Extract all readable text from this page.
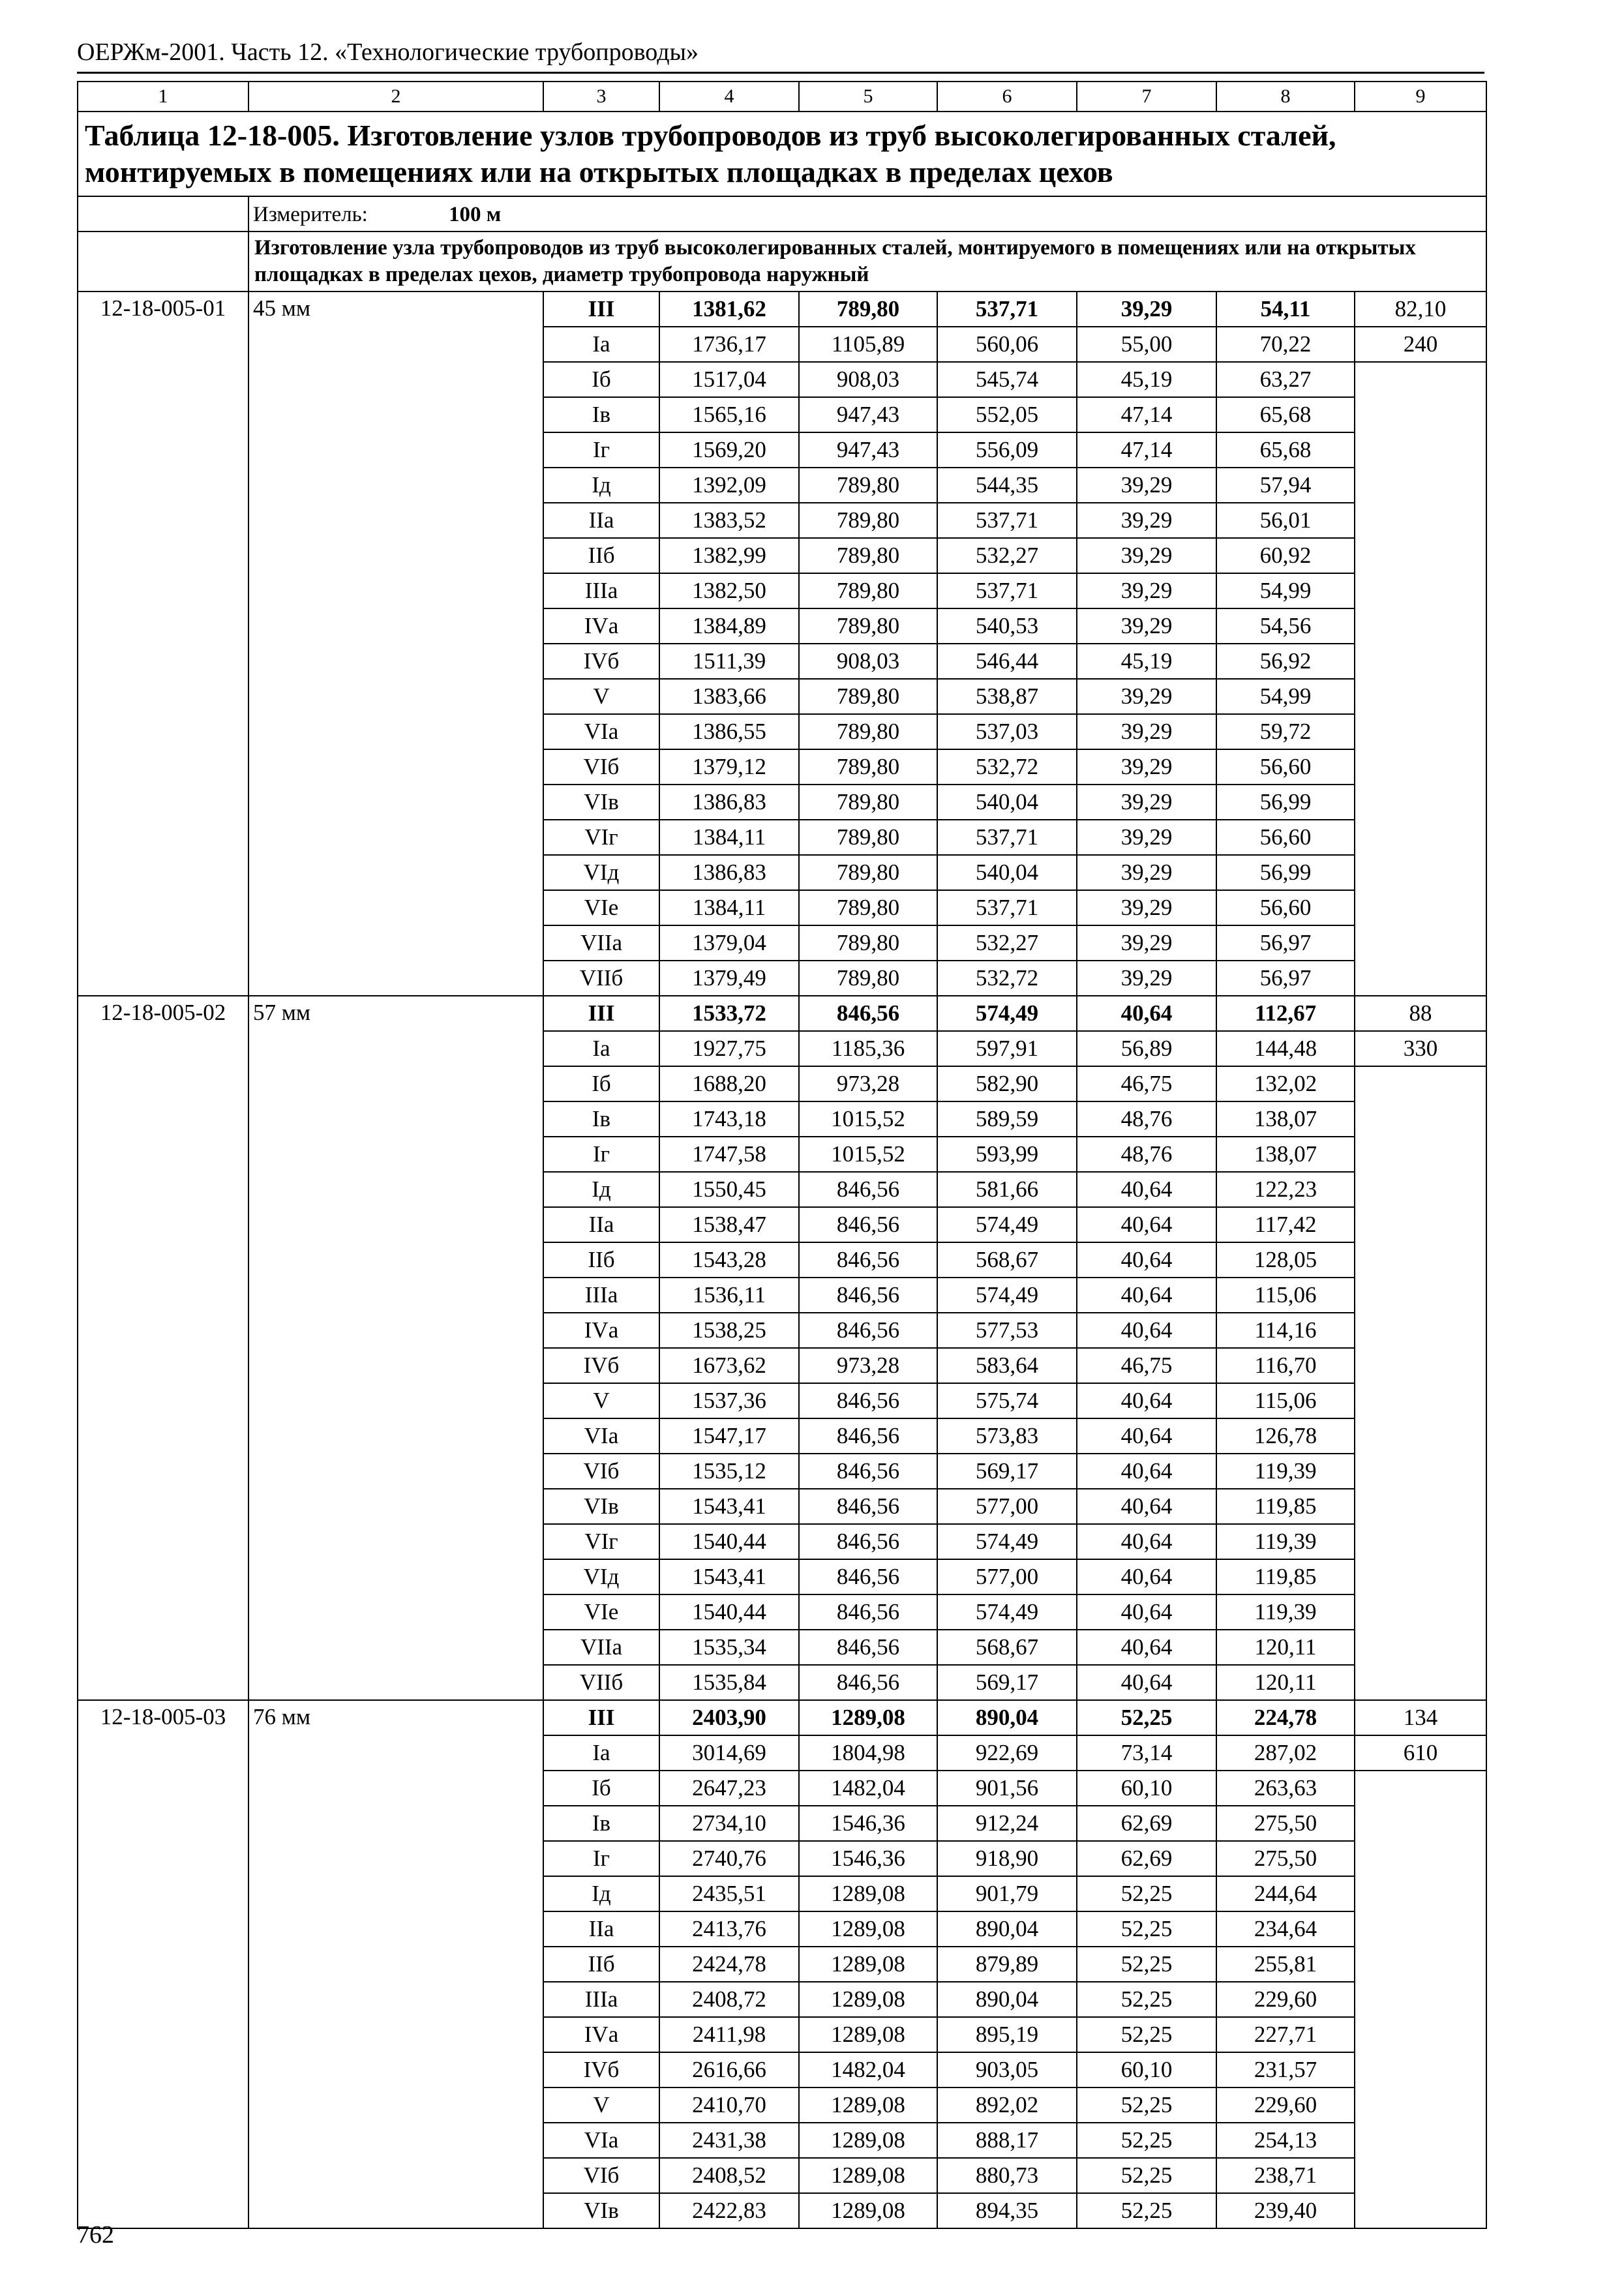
ОЕРЖм-2001. Часть 12. «Технологические трубопроводы»
1	2	3	4	5	6	7	8	9
Таблица 12-18-005. Изготовление узлов трубопроводов из труб высоколегированных сталей, монтируемых в помещениях или на открытых площадках в пределах цехов								
	Измеритель: 100 м							
	Изготовление узла трубопроводов из труб высоколегированных сталей, монтируемого в помещениях или на открытых площадках в пределах цехов, диаметр трубопровода наружный							
12-18-005-01	45 мм	III	1381,62	789,80	537,71	39,29	54,11	82,10
		Iа	1736,17	1105,89	560,06	55,00	70,22	240
		Iб	1517,04	908,03	545,74	45,19	63,27	
		Iв	1565,16	947,43	552,05	47,14	65,68	
		Iг	1569,20	947,43	556,09	47,14	65,68	
		Iд	1392,09	789,80	544,35	39,29	57,94	
		IIа	1383,52	789,80	537,71	39,29	56,01	
		IIб	1382,99	789,80	532,27	39,29	60,92	
		IIIа	1382,50	789,80	537,71	39,29	54,99	
		IVа	1384,89	789,80	540,53	39,29	54,56	
		IVб	1511,39	908,03	546,44	45,19	56,92	
		V	1383,66	789,80	538,87	39,29	54,99	
		VIа	1386,55	789,80	537,03	39,29	59,72	
		VIб	1379,12	789,80	532,72	39,29	56,60	
		VIв	1386,83	789,80	540,04	39,29	56,99	
		VIг	1384,11	789,80	537,71	39,29	56,60	
		VIд	1386,83	789,80	540,04	39,29	56,99	
		VIе	1384,11	789,80	537,71	39,29	56,60	
		VIIа	1379,04	789,80	532,27	39,29	56,97	
		VIIб	1379,49	789,80	532,72	39,29	56,97	
12-18-005-02	57 мм	III	1533,72	846,56	574,49	40,64	112,67	88
		Iа	1927,75	1185,36	597,91	56,89	144,48	330
		Iб	1688,20	973,28	582,90	46,75	132,02	
		Iв	1743,18	1015,52	589,59	48,76	138,07	
		Iг	1747,58	1015,52	593,99	48,76	138,07	
		Iд	1550,45	846,56	581,66	40,64	122,23	
		IIа	1538,47	846,56	574,49	40,64	117,42	
		IIб	1543,28	846,56	568,67	40,64	128,05	
		IIIа	1536,11	846,56	574,49	40,64	115,06	
		IVа	1538,25	846,56	577,53	40,64	114,16	
		IVб	1673,62	973,28	583,64	46,75	116,70	
		V	1537,36	846,56	575,74	40,64	115,06	
		VIа	1547,17	846,56	573,83	40,64	126,78	
		VIб	1535,12	846,56	569,17	40,64	119,39	
		VIв	1543,41	846,56	577,00	40,64	119,85	
		VIг	1540,44	846,56	574,49	40,64	119,39	
		VIд	1543,41	846,56	577,00	40,64	119,85	
		VIе	1540,44	846,56	574,49	40,64	119,39	
		VIIа	1535,34	846,56	568,67	40,64	120,11	
		VIIб	1535,84	846,56	569,17	40,64	120,11	
12-18-005-03	76 мм	III	2403,90	1289,08	890,04	52,25	224,78	134
		Iа	3014,69	1804,98	922,69	73,14	287,02	610
		Iб	2647,23	1482,04	901,56	60,10	263,63	
		Iв	2734,10	1546,36	912,24	62,69	275,50	
		Iг	2740,76	1546,36	918,90	62,69	275,50	
		Iд	2435,51	1289,08	901,79	52,25	244,64	
		IIа	2413,76	1289,08	890,04	52,25	234,64	
		IIб	2424,78	1289,08	879,89	52,25	255,81	
		IIIа	2408,72	1289,08	890,04	52,25	229,60	
		IVа	2411,98	1289,08	895,19	52,25	227,71	
		IVб	2616,66	1482,04	903,05	60,10	231,57	
		V	2410,70	1289,08	892,02	52,25	229,60	
		VIа	2431,38	1289,08	888,17	52,25	254,13	
		VIб	2408,52	1289,08	880,73	52,25	238,71	
		VIв	2422,83	1289,08	894,35	52,25	239,40	
762
